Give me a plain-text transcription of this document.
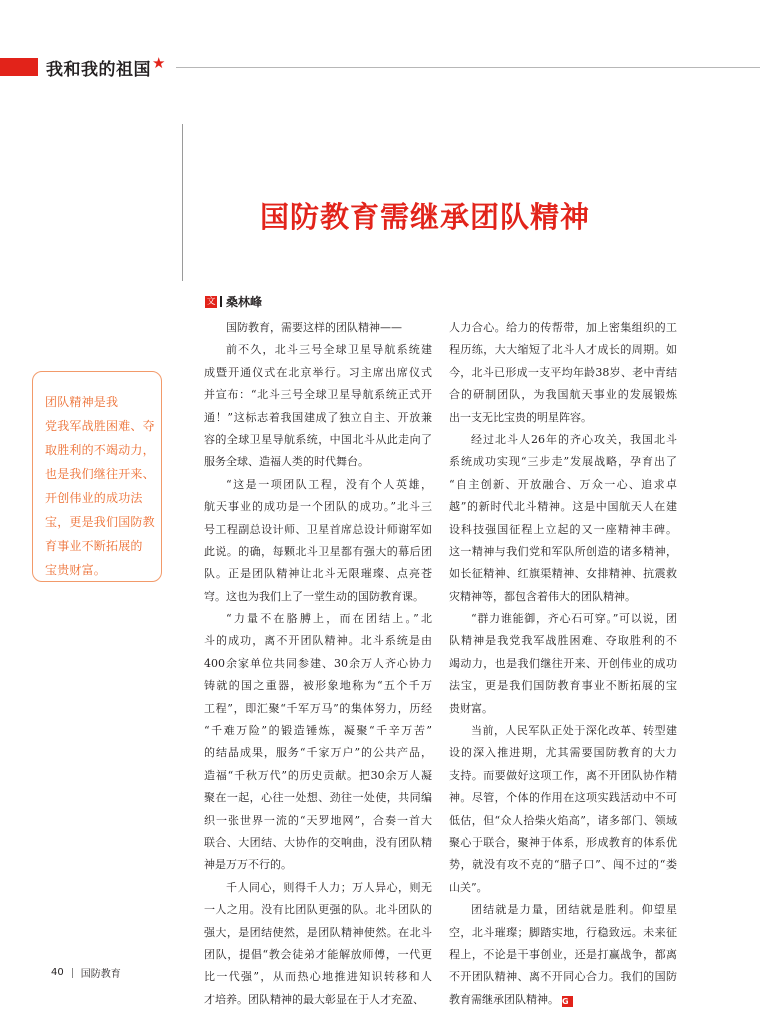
我和我的祖国 ★
国防教育需继承团队精神
文 桑林峰
团队精神是我
党我军战胜困难、夺
取胜利的不竭动力，
也是我们继往开来、
开创伟业的成功法
宝，更是我们国防教
育事业不断拓展的
宝贵财富。
国防教育，需要这样的团队精神——
前不久，北斗三号全球卫星导航系统建
成暨开通仪式在北京举行。习主席出席仪式
并宣布：“北斗三号全球卫星导航系统正式开
通！”这标志着我国建成了独立自主、开放兼
容的全球卫星导航系统，中国北斗从此走向了
服务全球、造福人类的时代舞台。
“这是一项团队工程，没有个人英雄，
航天事业的成功是一个团队的成功。”北斗三
号工程副总设计师、卫星首席总设计师谢军如
此说。的确，每颗北斗卫星都有强大的幕后团
队。正是团队精神让北斗无限璀璨、点亮苍
穹。这也为我们上了一堂生动的国防教育课。
“力量不在胳膊上，而在团结上。”北
斗的成功，离不开团队精神。北斗系统是由
400余家单位共同参建、30余万人齐心协力
铸就的国之重器，被形象地称为“五个千万
工程”，即汇聚“千军万马”的集体努力，历经
“千难万险”的锻造锤炼，凝聚“千辛万苦”
的结晶成果，服务“千家万户”的公共产品，
造福“千秋万代”的历史贡献。把30余万人凝
聚在一起，心往一处想、劲往一处使，共同编
织一张世界一流的“天罗地网”，合奏一首大
联合、大团结、大协作的交响曲，没有团队精
神是万万不行的。
千人同心，则得千人力；万人异心，则无
一人之用。没有比团队更强的队。北斗团队的
强大，是团结使然，是团队精神使然。在北斗
团队，提倡“教会徒弟才能解放师傅，一代更
比一代强”，从而热心地推进知识转移和人
才培养。团队精神的最大彰显在于人才充盈、
人力合心。给力的传帮带，加上密集组织的工
程历练，大大缩短了北斗人才成长的周期。如
今，北斗已形成一支平均年龄38岁、老中青结
合的研制团队，为我国航天事业的发展锻炼
出一支无比宝贵的明星阵容。
经过北斗人26年的齐心攻关，我国北斗
系统成功实现“三步走”发展战略，孕育出了
“自主创新、开放融合、万众一心、追求卓
越”的新时代北斗精神。这是中国航天人在建
设科技强国征程上立起的又一座精神丰碑。
这一精神与我们党和军队所创造的诸多精神，
如长征精神、红旗渠精神、女排精神、抗震救
灾精神等，都包含着伟大的团队精神。
“群力谁能御，齐心石可穿。”可以说，团
队精神是我党我军战胜困难、夺取胜利的不
竭动力，也是我们继往开来、开创伟业的成功
法宝，更是我们国防教育事业不断拓展的宝
贵财富。
当前，人民军队正处于深化改革、转型建
设的深入推进期，尤其需要国防教育的大力
支持。而要做好这项工作，离不开团队协作精
神。尽管，个体的作用在这项实践活动中不可
低估，但“众人拾柴火焰高”，诸多部门、领域
聚心于联合，聚神于体系，形成教育的体系优
势，就没有攻不克的“腊子口”、闯不过的“娄
山关”。
团结就是力量，团结就是胜利。仰望星
空，北斗璀璨；脚踏实地，行稳致远。未来征
程上，不论是干事创业，还是打赢战争，都离
不开团队精神、离不开同心合力。我们的国防
教育需继承团队精神。 G
40 国防教育
